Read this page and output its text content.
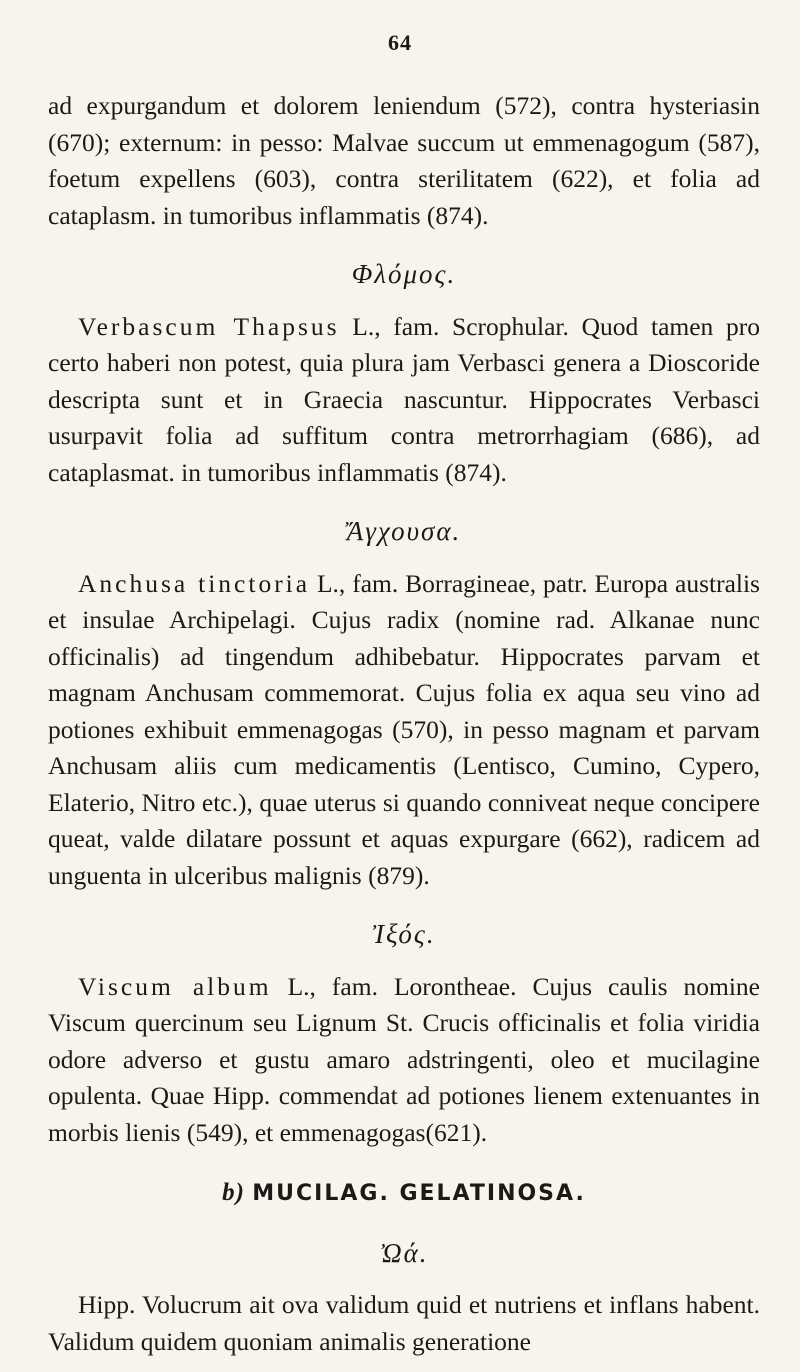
64

ad expurgandum et dolorem leniendum (572), contra hysteriasin (670); externum: in pesso: Malvae succum ut emmenagogum (587), foetum expellens (603), contra sterilitatem (622), et folia ad cataplasm. in tumoribus inflammatis (874).

Φλόμος.

Verbascum Thapsus L., fam. Scrophular. Quod tamen pro certo haberi non potest, quia plura jam Verbasci genera a Dioscoride descripta sunt et in Graecia nascuntur. Hippocrates Verbasci usurpavit folia ad suffitum contra metrorrhagiam (686), ad cataplasmat. in tumoribus inflammatis (874).

Ἄγχουσα.

Anchusa tinctoria L., fam. Borragineae, patr. Europa australis et insulae Archipelagi. Cujus radix (nomine rad. Alkanae nunc officinalis) ad tingendum adhibebatur. Hippocrates parvam et magnam Anchusam commemorat. Cujus folia ex aqua seu vino ad potiones exhibuit emmenagogas (570), in pesso magnam et parvam Anchusam aliis cum medicamentis (Lentisco, Cumino, Cypero, Elaterio, Nitro etc.), quae uterus si quando conniveat neque concipere queat, valde dilatare possunt et aquas expurgare (662), radicem ad unguenta in ulceribus malignis (879).

Ἰξός.

Viscum album L., fam. Lorontheae. Cujus caulis nomine Viscum quercinum seu Lignum St. Crucis officinalis et folia viridia odore adverso et gustu amaro adstringenti, oleo et mucilagine opulenta. Quae Hipp. commendat ad potiones lienem extenuantes in morbis lienis (549), et emmenagogas(621).

b) MUCILAG. GELATINOSA.
Ὠά.

Hipp. Volucrum ait ova validum quid et nutriens et inflans habent. Validum quidem quoniam animalis generatione
